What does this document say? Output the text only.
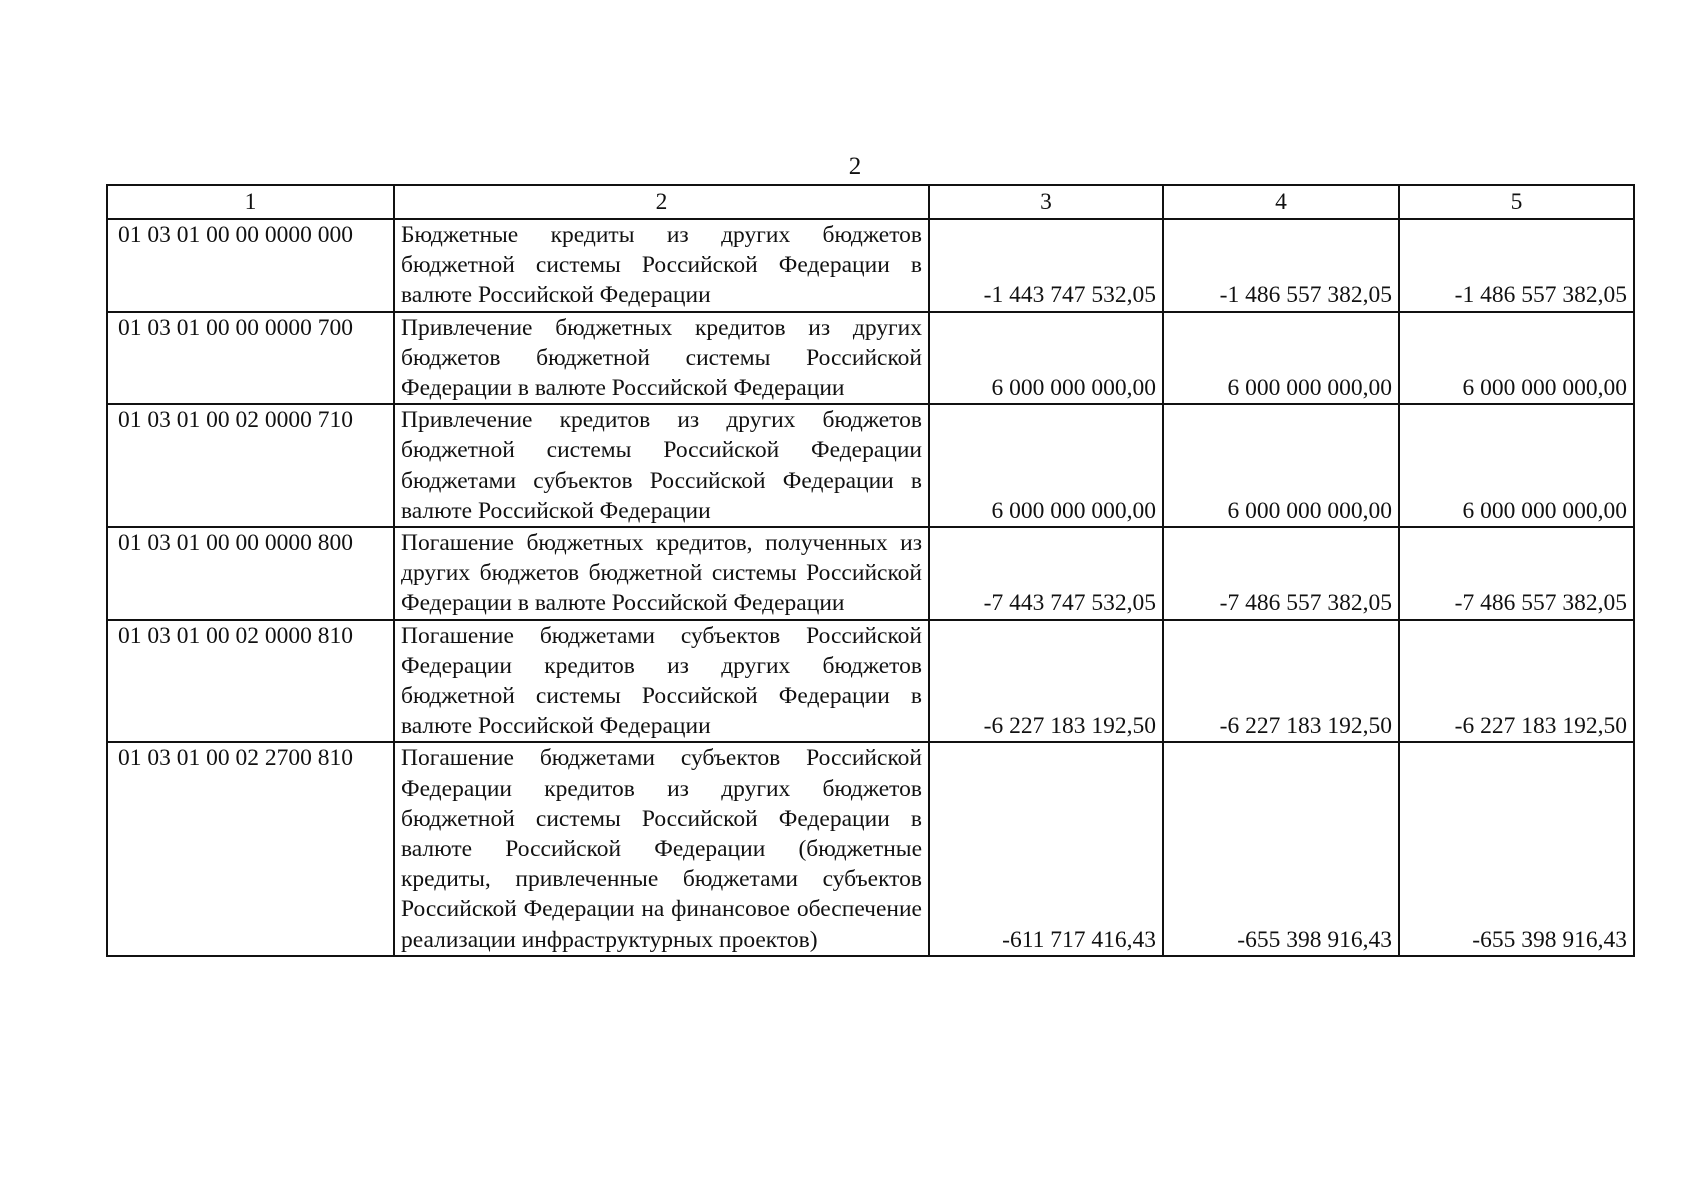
2
1	2	3	4	5
01 03 01 00 00 0000 000	Бюджетные кредиты из других бюджетов бюджетной системы Российской Федерации в валюте Российской Федерации	-1 443 747 532,05	-1 486 557 382,05	-1 486 557 382,05
01 03 01 00 00 0000 700	Привлечение бюджетных кредитов из других бюджетов бюджетной системы Российской Федерации в валюте Российской Федерации	6 000 000 000,00	6 000 000 000,00	6 000 000 000,00
01 03 01 00 02 0000 710	Привлечение кредитов из других бюджетов бюджетной системы Российской Федерации бюджетами субъектов Российской Федерации в валюте Российской Федерации	6 000 000 000,00	6 000 000 000,00	6 000 000 000,00
01 03 01 00 00 0000 800	Погашение бюджетных кредитов, полученных из других бюджетов бюджетной системы Российской Федерации в валюте Российской Федерации	-7 443 747 532,05	-7 486 557 382,05	-7 486 557 382,05
01 03 01 00 02 0000 810	Погашение бюджетами субъектов Российской Федерации кредитов из других бюджетов бюджетной системы Российской Федерации в валюте Российской Федерации	-6 227 183 192,50	-6 227 183 192,50	-6 227 183 192,50
01 03 01 00 02 2700 810	Погашение бюджетами субъектов Российской Федерации кредитов из других бюджетов бюджетной системы Российской Федерации в валюте Российской Федерации (бюджетные кредиты, привлеченные бюджетами субъектов Российской Федерации на финансовое обеспечение реализации инфраструктурных проектов)	-611 717 416,43	-655 398 916,43	-655 398 916,43
